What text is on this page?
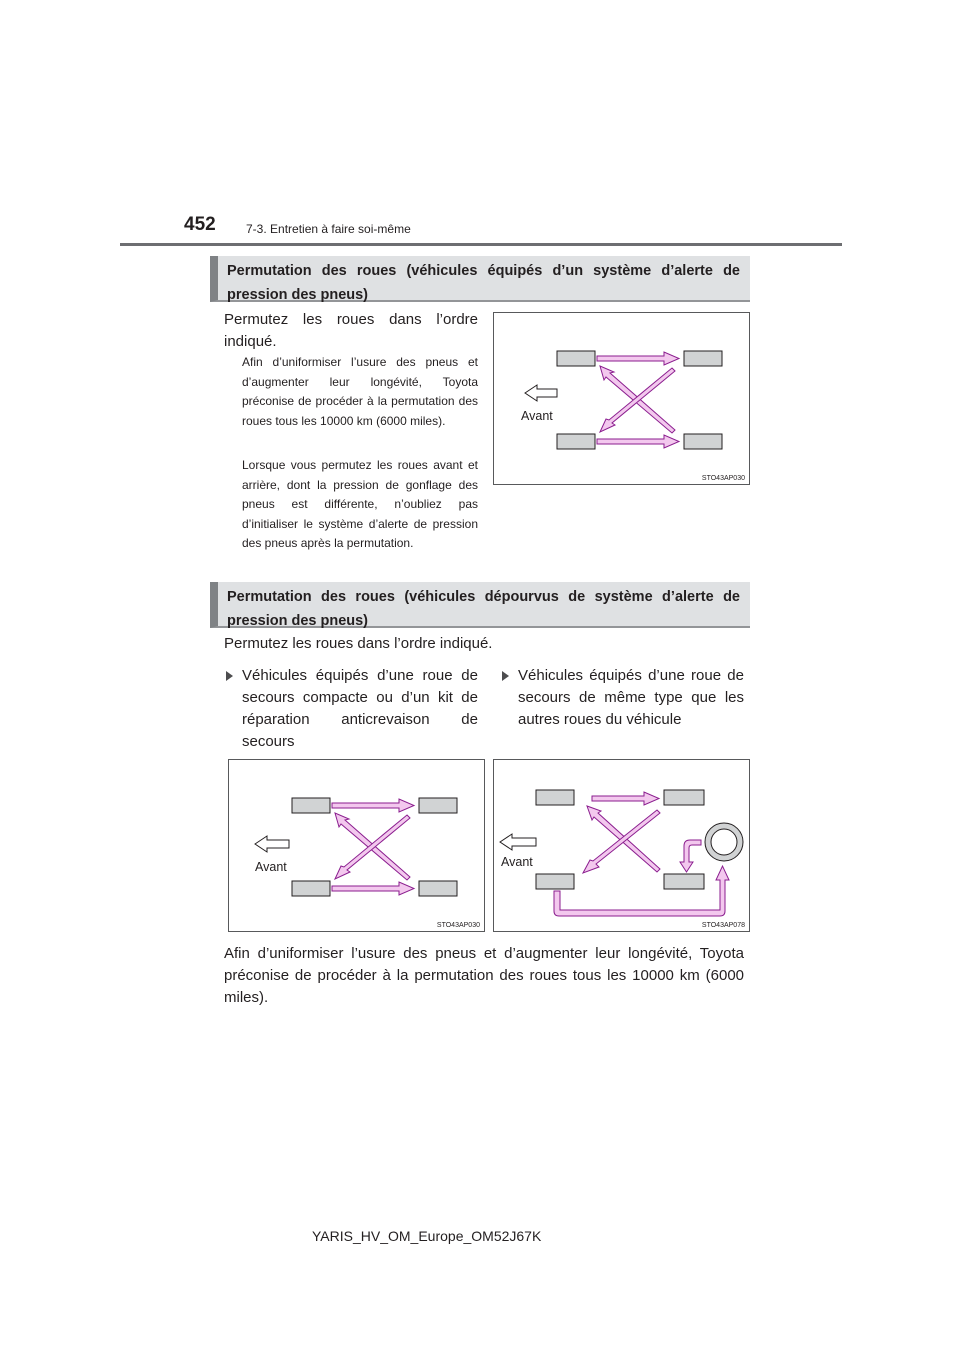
452	7-3. Entretien à faire soi-même
Permutation des roues (véhicules équipés d’un système d’alerte de pression des pneus)
Permutez les roues dans l’ordre indiqué.
Afin d’uniformiser l’usure des pneus et d’augmenter leur longévité, Toyota préconise de procéder à la permutation des roues tous les 10000 km (6000 miles).
Lorsque vous permutez les roues avant et arrière, dont la pression de gonflage des pneus est différente, n’oubliez pas d’initialiser le système d’alerte de pression des pneus après la permutation.
Avant
STO43AP030
Permutation des roues (véhicules dépourvus de système d’alerte de pression des pneus)
Permutez les roues dans l’ordre indiqué.
Véhicules équipés d’une roue de secours compacte ou d’un kit de réparation anticrevaison de secours
Véhicules équipés d’une roue de secours de même type que les autres roues du véhicule
Avant
STO43AP030
Avant
STO43AP078
Afin d’uniformiser l’usure des pneus et d’augmenter leur longévité, Toyota préconise de procéder à la permutation des roues tous les 10000 km (6000 miles).
YARIS_HV_OM_Europe_OM52J67K
